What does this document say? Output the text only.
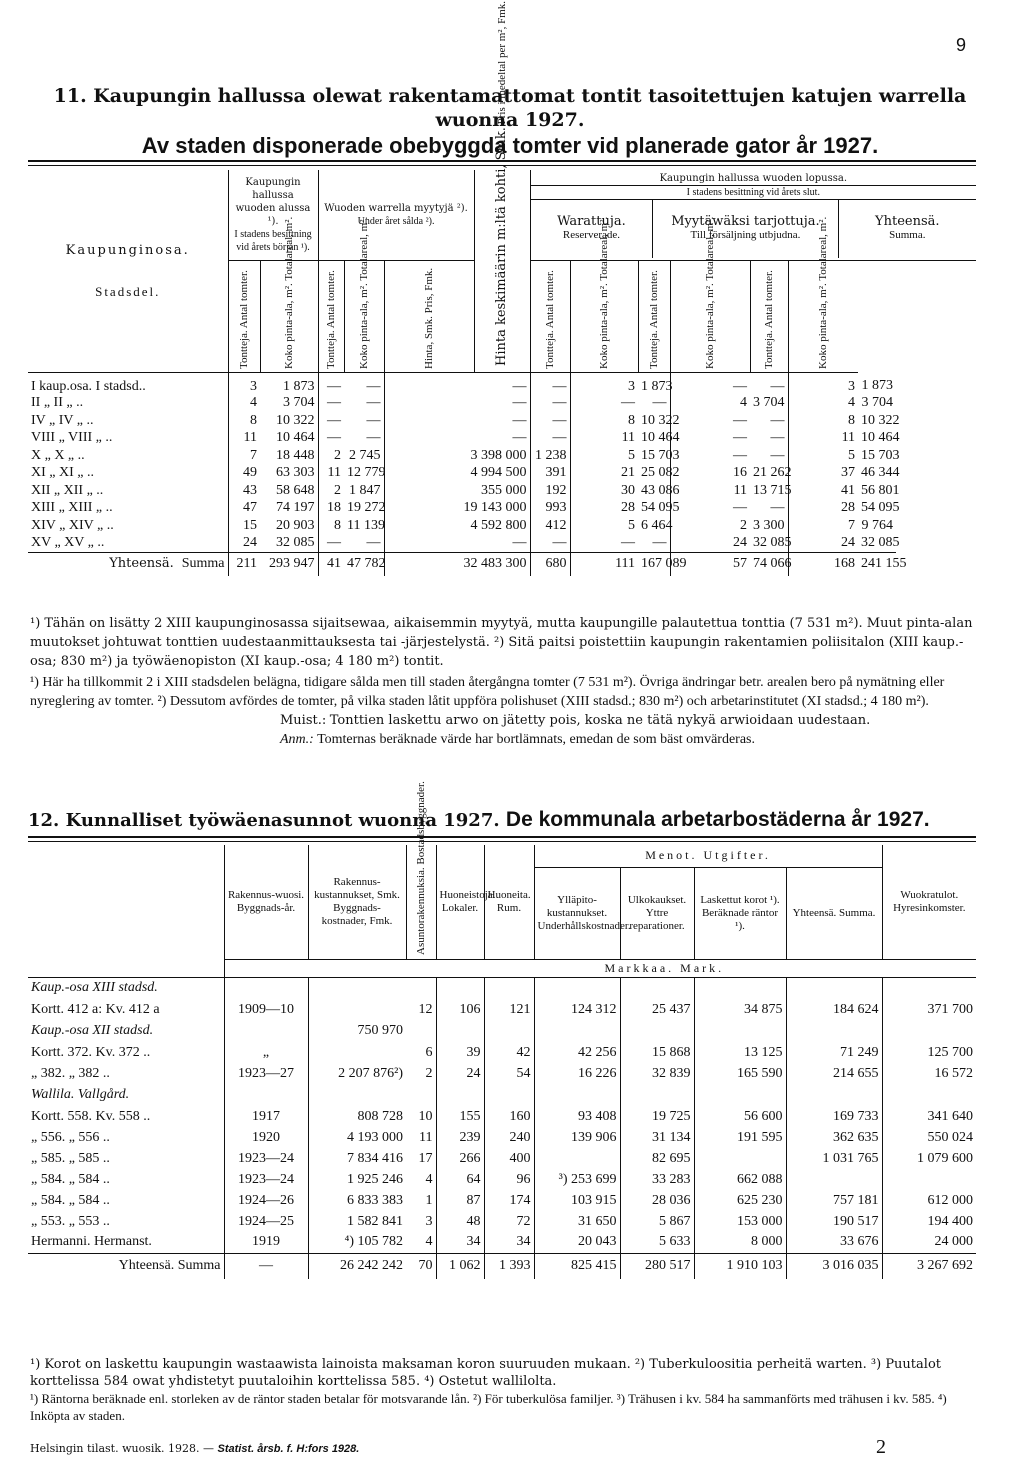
9
11. Kaupungin hallussa olewat rakentamattomat tontit tasoitettujen katujen warrella wuonna 1927.
Av staden disponerade obebyggda tomter vid planerade gator år 1927.
Kaupunginosa.
Stadsdel.

Kaupungin hallussa wuoden alussa ¹).
I stadens besittning vid årets början ¹).

Wuoden warrella myytyjä ²).
Under året sålda ²).	Hinta keskimäärin m:ltä kohti, Smk. Pris i medeltal per m², Fmk.

Kaupungin hallussa wuoden lopussa.
I stadens besittning vid årets slut.
Warattuja.
Reserverade.	Myytäwäksi tarjottuja.
Till försäljning utbjudna.	Yhteensä.
Summa.

Tontteja. Antal tomter.	Koko pinta-ala, m². Totalareal, m².	Tontteja. Antal tomter.	Koko pinta-ala, m². Totalareal, m².	Hinta, Smk. Pris, Fmk.	Tontteja. Antal tomter.	Koko pinta-ala, m². Totalareal, m².	Tontteja. Antal tomter.	Koko pinta-ala, m². Totalareal, m².	Tontteja. Antal tomter.	Koko pinta-ala, m². Totalareal, m².

I kaup.osa. I stadsd..	3	1 873	—	—	—	—	3	1 873	—	—	3	1 873
II „ II „ ..	4	3 704	—	—	—	—	—	—	4	3 704	4	3 704
IV „ IV „ ..	8	10 322	—	—	—	—	8	10 322	—	—	8	10 322
VIII „ VIII „ ..	11	10 464	—	—	—	—	11	10 464	—	—	11	10 464
X „ X „ ..	7	18 448	2	2 745	3 398 000	1 238	5	15 703	—	—	5	15 703
XI „ XI „ ..	49	63 303	11	12 779	4 994 500	391	21	25 082	16	21 262	37	46 344
XII „ XII „ ..	43	58 648	2	1 847	355 000	192	30	43 086	11	13 715	41	56 801
XIII „ XIII „ ..	47	74 197	18	19 272	19 143 000	993	28	54 095	—	—	28	54 095
XIV „ XIV „ ..	15	20 903	8	11 139	4 592 800	412	5	6 464	2	3 300	7	9 764
XV „ XV „ ..	24	32 085	—	—	—	—	—	—	24	32 085	24	32 085
Yhteensä. Summa	211	293 947	41	47 782	32 483 300	680	111	167 089	57	74 066	168	241 155

¹) Tähän on lisätty 2 XIII kaupunginosassa sijaitsewaa, aikaisemmin myytyä, mutta kaupungille palautettua tonttia (7 531 m²). Muut pinta-alan muutokset johtuwat tonttien uudestaanmittauksesta tai -järjestelystä. ²) Sitä paitsi poistettiin kaupungin rakentamien poliisitalon (XIII kaup.-osa; 830 m²) ja työwäenopiston (XI kaup.-osa; 4 180 m²) tontit.

¹) Här ha tillkommit 2 i XIII stadsdelen belägna, tidigare sålda men till staden återgångna tomter (7 531 m²). Övriga ändringar betr. arealen bero på nymätning eller nyreglering av tomter. ²) Dessutom avfördes de tomter, på vilka staden låtit uppföra polishuset (XIII stadsd.; 830 m²) och arbetarinstitutet (XI stadsd.; 4 180 m²).

Muist.: Tonttien laskettu arwo on jätetty pois, koska ne tätä nykyä arwioidaan uudestaan.

Anm.: Tomternas beräknade värde har bortlämnats, emedan de som bäst omvärderas.

12. Kunnalliset työwäenasunnot wuonna 1927. De kommunala arbetarbostäderna år 1927.
	Rakennus-wuosi. Byggnads-år.	Rakennus-kustannukset, Smk. Byggnads-kostnader, Fmk.	Asuntorakennuksia. Bostadsbyggnader.	Huoneistoja. Lokaler.	Huoneita. Rum.	Menot. Utgifter.				Wuokratulot. Hyresinkomster.
						Ylläpito-kustannukset. Underhållskostnader.	Ulkokaukset. Yttre reparationer.	Laskettut korot ¹). Beräknade räntor ¹).	Yhteensä. Summa.	
	Markkaa. Mark.									
Kaup.-osa XIII stadsd.										
Kortt. 412 a: Kv. 412 a	1909—10		12	106	121	124 312	25 437	34 875	184 624	371 700
Kaup.-osa XII stadsd.		750 970								
Kortt. 372. Kv. 372 ..	„		6	39	42	42 256	15 868	13 125	71 249	125 700
„ 382. „ 382 ..	1923—27	2 207 876²)	2	24	54	16 226	32 839	165 590	214 655	16 572
Wallila. Vallgård.										
Kortt. 558. Kv. 558 ..	1917	808 728	10	155	160	93 408	19 725	56 600	169 733	341 640
„ 556. „ 556 ..	1920	4 193 000	11	239	240	139 906	31 134	191 595	362 635	550 024
„ 585. „ 585 ..	1923—24	7 834 416	17	266	400		82 695		1 031 765	1 079 600
„ 584. „ 584 ..	1923—24	1 925 246	4	64	96	³) 253 699	33 283	662 088		
„ 584. „ 584 ..	1924—26	6 833 383	1	87	174	103 915	28 036	625 230	757 181	612 000
„ 553. „ 553 ..	1924—25	1 582 841	3	48	72	31 650	5 867	153 000	190 517	194 400
Hermanni. Hermanst.	1919	⁴) 105 782	4	34	34	20 043	5 633	8 000	33 676	24 000
Yhteensä. Summa	—	26 242 242	70	1 062	1 393	825 415	280 517	1 910 103	3 016 035	3 267 692

¹) Korot on laskettu kaupungin wastaawista lainoista maksaman koron suuruuden mukaan. ²) Tuberkuloositia perheitä warten. ³) Puutalot korttelissa 584 owat yhdistetyt puutaloihin korttelissa 585. ⁴) Ostetut wallilolta.

¹) Räntorna beräknade enl. storleken av de räntor staden betalar för motsvarande lån. ²) För tuberkulösa familjer. ³) Trähusen i kv. 584 ha sammanförts med trähusen i kv. 585. ⁴) Inköpta av staden.

Helsingin tilast. wuosik. 1928. — Statist. årsb. f. H:fors 1928.	2
